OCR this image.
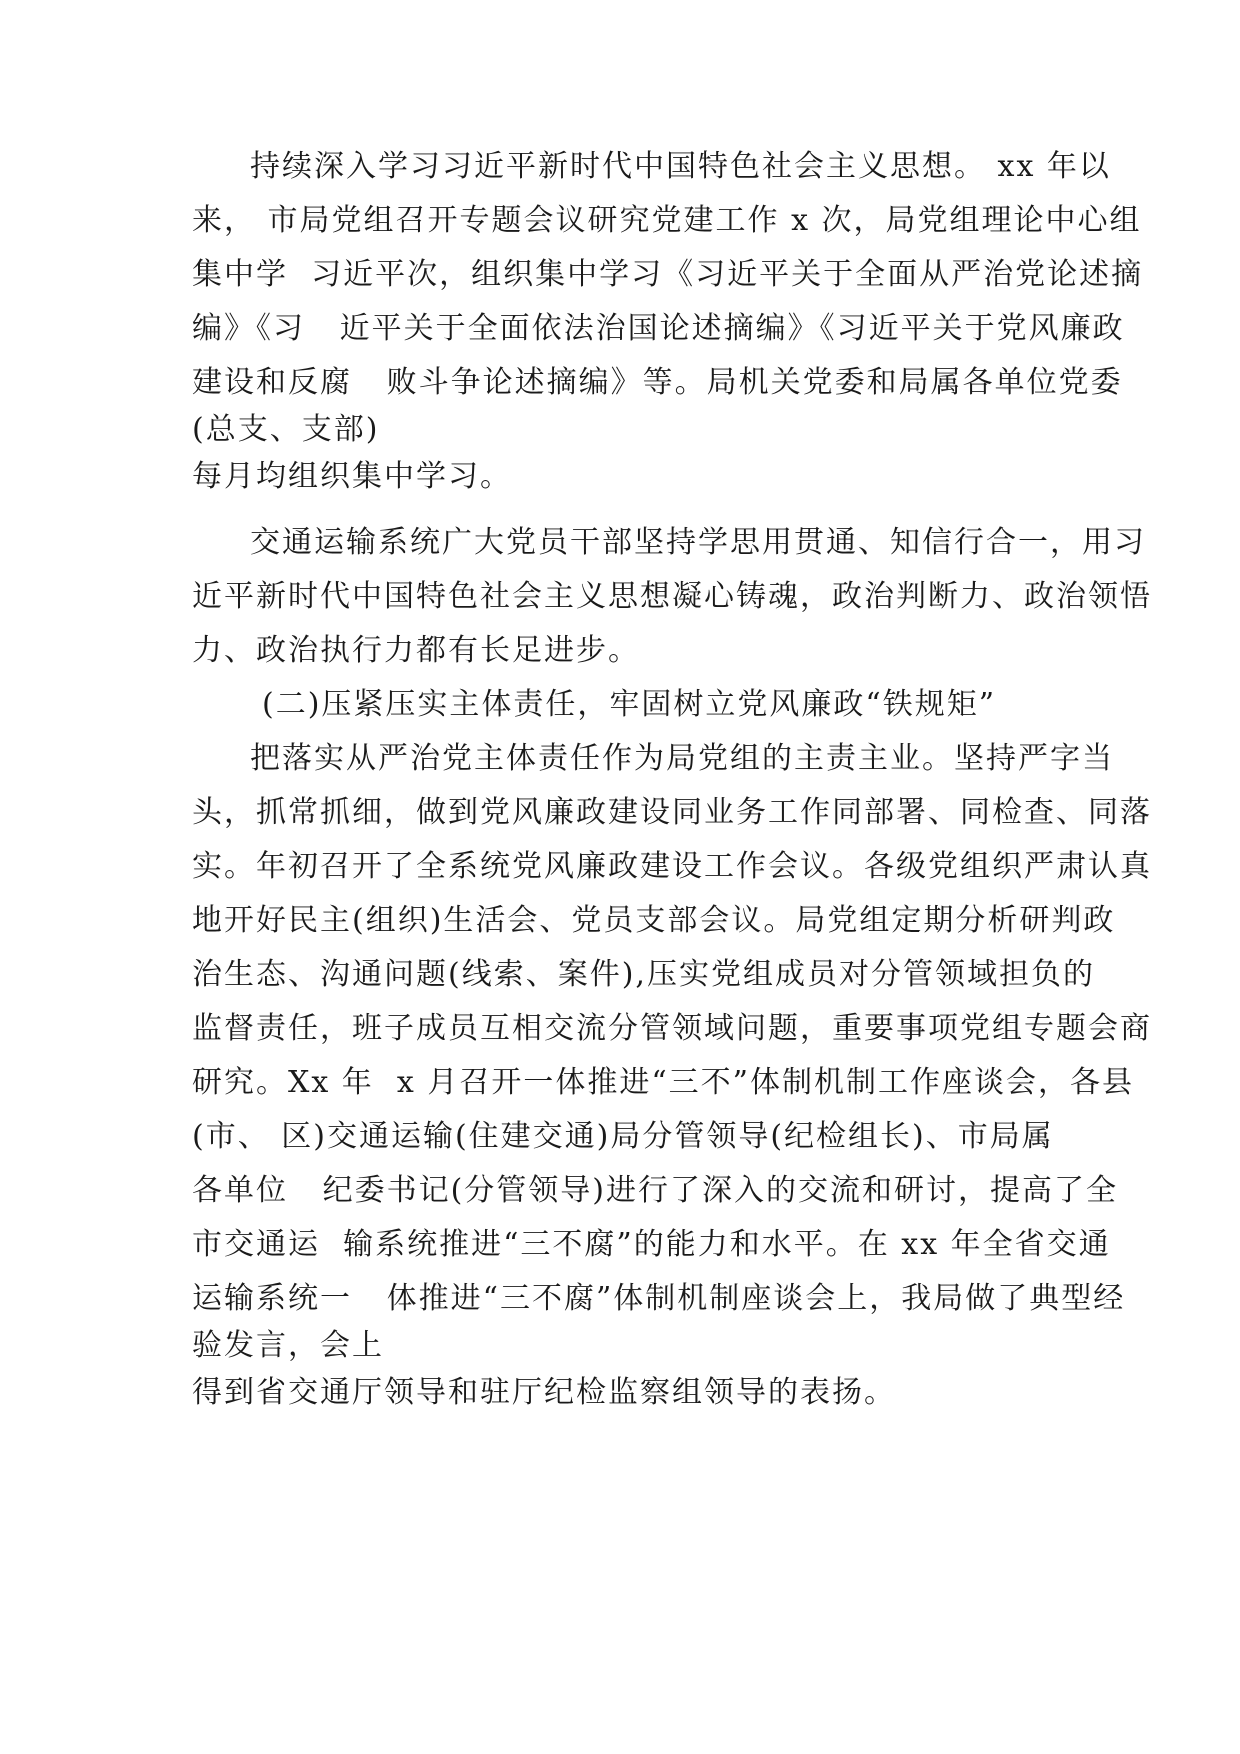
持续深入学习习近平新时代中国特色社会主义思想。 xx 年以
来， 市局党组召开专题会议研究党建工作 x 次，局党组理论中心组
集中学  习近平次，组织集中学习《习近平关于全面从严治党论述摘
编》《习   近平关于全面依法治国论述摘编》《习近平关于党风廉政
建设和反腐   败斗争论述摘编》等。局机关党委和局属各单位党委
(总支、支部)
每月均组织集中学习。
交通运输系统广大党员干部坚持学思用贯通、知信行合一，用习
近平新时代中国特色社会主义思想凝心铸魂，政治判断力、政治领悟
力、政治执行力都有长足进步。
(二)压紧压实主体责任，牢固树立党风廉政“铁规矩”
把落实从严治党主体责任作为局党组的主责主业。坚持严字当
头，抓常抓细，做到党风廉政建设同业务工作同部署、同检查、同落
实。年初召开了全系统党风廉政建设工作会议。各级党组织严肃认真
地开好民主(组织)生活会、党员支部会议。局党组定期分析研判政
治生态、沟通问题(线索、案件),压实党组成员对分管领域担负的
监督责任，班子成员互相交流分管领域问题，重要事项党组专题会商
研究。Xx 年  x 月召开一体推进“三不”体制机制工作座谈会，各县
(市、 区)交通运输(住建交通)局分管领导(纪检组长)、市局属
各单位   纪委书记(分管领导)进行了深入的交流和研讨，提高了全
市交通运  输系统推进“三不腐”的能力和水平。在 xx 年全省交通
运输系统一   体推进“三不腐”体制机制座谈会上，我局做了典型经
验发言，会上
得到省交通厅领导和驻厅纪检监察组领导的表扬。
